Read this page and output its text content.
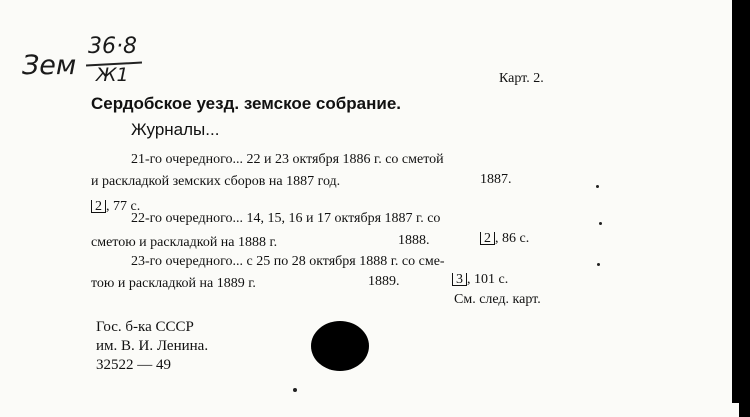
Зем
36·8
Ж1	Карт. 2.
Сердобское уезд. земское собрание.
Журналы...
21-го очередного... 22 и 23 октября 1886 г. со сметой
и раскладкой земских сборов на 1887 год.	1887.
2 , 77 с.
22-го очередного... 14, 15, 16 и 17 октября 1887 г. со
сметою и раскладкой на 1888 г.	1888.	2 , 86 с.
23-го очередного... с 25 по 28 октября 1888 г. со сме-
тою и раскладкой на 1889 г.	1889.	3 , 101 с.
См. след. карт.
Гос. б-ка СССР
им. В. И. Ленина.
32522 — 49
